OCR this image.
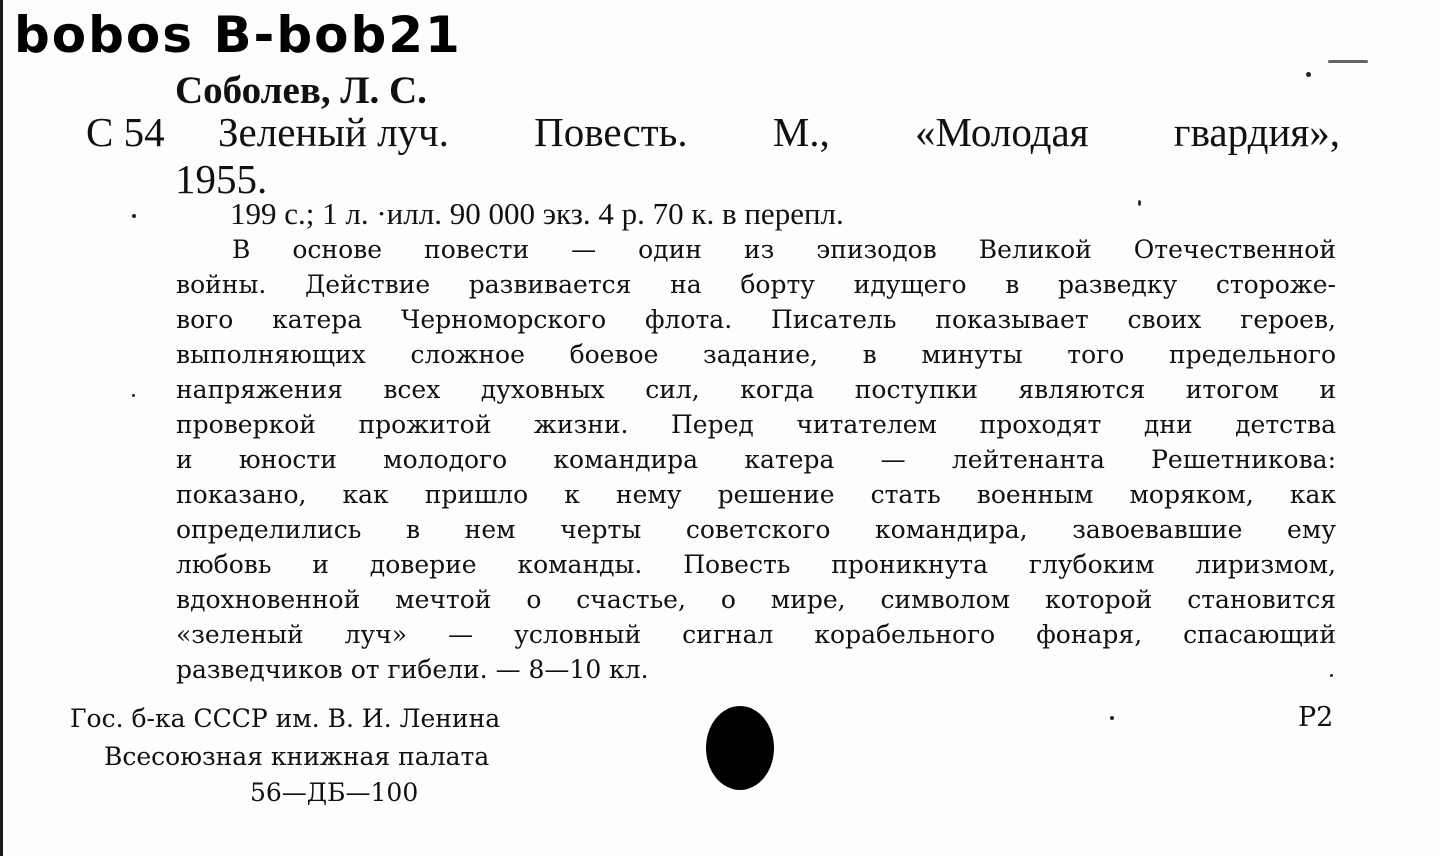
bobos B-bob21
Соболев, Л. С.
С 54 Зеленый луч. Повесть. М., «Молодая гвардия»,
1955.
199 с.; 1 л. ·илл. 90 000 экз. 4 р. 70 к. в перепл.
В основе повести — один из эпизодов Великой Отечественной
войны. Действие развивается на борту идущего в разведку стороже-
вого катера Черноморского флота. Писатель показывает своих героев,
выполняющих сложное боевое задание, в минуты того предельного
напряжения всех духовных сил, когда поступки являются итогом и
проверкой прожитой жизни. Перед читателем проходят дни детства
и юности молодого командира катера — лейтенанта Решетникова:
показано, как пришло к нему решение стать военным моряком, как
определились в нем черты советского командира, завоевавшие ему
любовь и доверие команды. Повесть проникнута глубоким лиризмом,
вдохновенной мечтой о счастье, о мире, символом которой становится
«зеленый луч» — условный сигнал корабельного фонаря, спасающий
разведчиков от гибели. — 8—10 кл.
Гос. б-ка СССР им. В. И. Ленина
Всесоюзная книжная палата
56—ДБ—100
Р2
